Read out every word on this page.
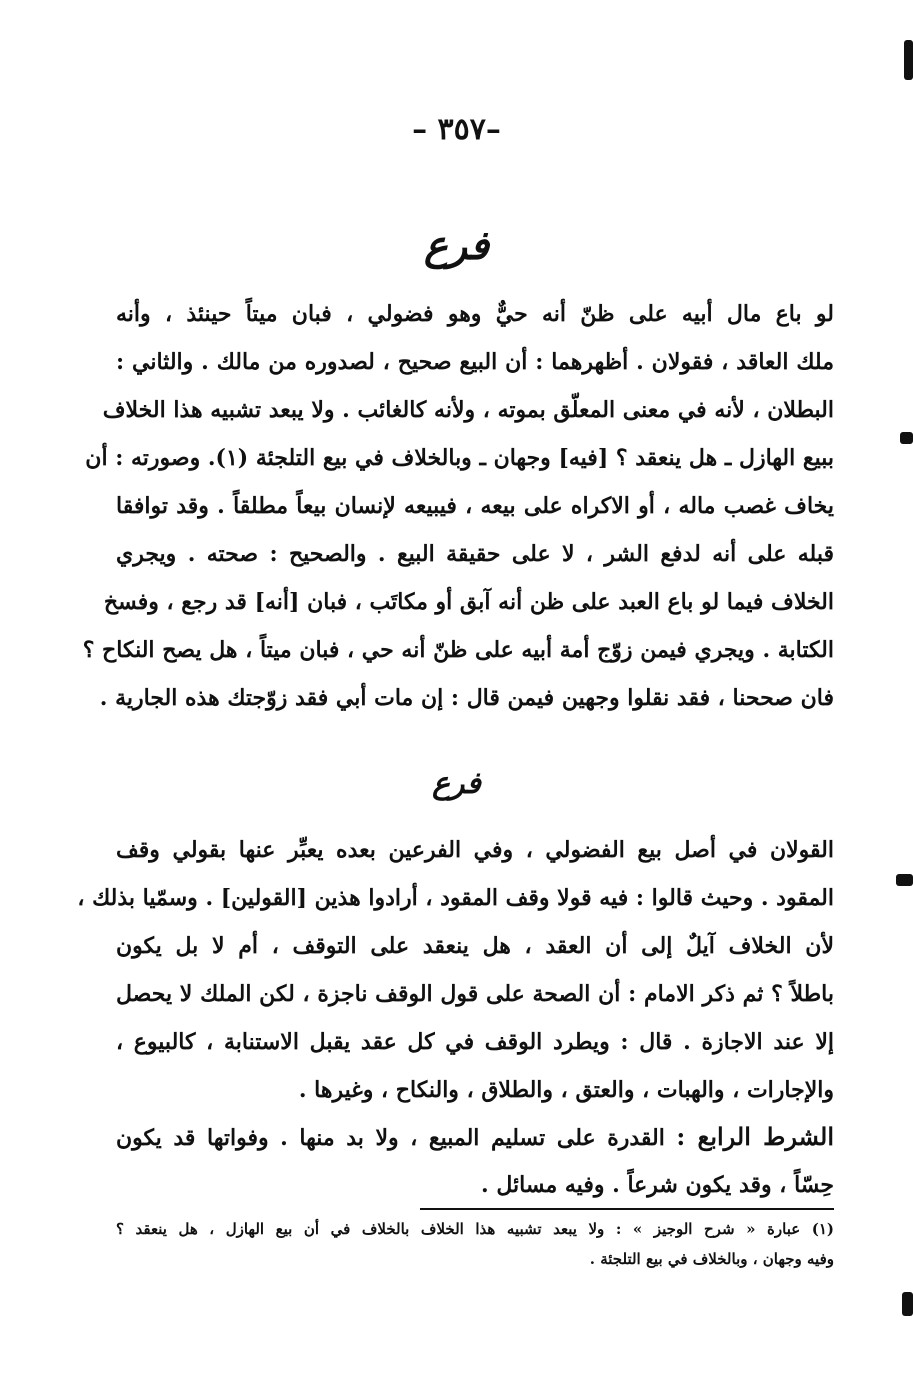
–٣٥٧ –
فرع
لو باع مال أبيه على ظنّ أنه حيٌّ وهو فضولي ، فبان ميتاً حينئذ ، وأنه
ملك العاقد ، فقولان . أظهرهما : أن البيع صحيح ، لصدوره من مالك . والثاني :
البطلان ، لأنه في معنى المعلّق بموته ، ولأنه كالغائب . ولا يبعد تشبيه هذا الخلاف
ببيع الهازل ـ هل ينعقد ؟ [فيه] وجهان ـ وبالخلاف في بيع التلجئة (١). وصورته : أن
يخاف غصب ماله ، أو الاكراه على بيعه ، فيبيعه لإنسان بيعاً مطلقاً . وقد توافقا
قبله على أنه لدفع الشر ، لا على حقيقة البيع . والصحيح : صحته . ويجري
الخلاف فيما لو باع العبد على ظن أنه آبق أو مكاتَب ، فبان [أنه] قد رجع ، وفسخ
الكتابة . ويجري فيمن زوّج أمة أبيه على ظنّ أنه حي ، فبان ميتاً ، هل يصح النكاح ؟
فان صححنا ، فقد نقلوا وجهين فيمن قال : إن مات أبي فقد زوّجتك هذه الجارية .
فرع
القولان في أصل بيع الفضولي ، وفي الفرعين بعده يعبِّر عنها بقولي وقف
المقود . وحيث قالوا : فيه قولا وقف المقود ، أرادوا هذين [القولين] . وسمّيا بذلك ،
لأن الخلاف آيلٌ إلى أن العقد ، هل ينعقد على التوقف ، أم لا بل يكون
باطلاً ؟ ثم ذكر الامام : أن الصحة على قول الوقف ناجزة ، لكن الملك لا يحصل
إلا عند الاجازة . قال : ويطرد الوقف في كل عقد يقبل الاستنابة ، كالبيوع ،
والإجارات ، والهبات ، والعتق ، والطلاق ، والنكاح ، وغيرها .
الشرط الرابع : القدرة على تسليم المبيع ، ولا بد منها . وفواتها قد يكون
حِسّاً ، وقد يكون شرعاً . وفيه مسائل .
(١) عبارة « شرح الوجيز » : ولا يبعد تشبيه هذا الخلاف بالخلاف في أن بيع الهازل ، هل ينعقد ؟
وفيه وجهان ، وبالخلاف في بيع التلجئة .
